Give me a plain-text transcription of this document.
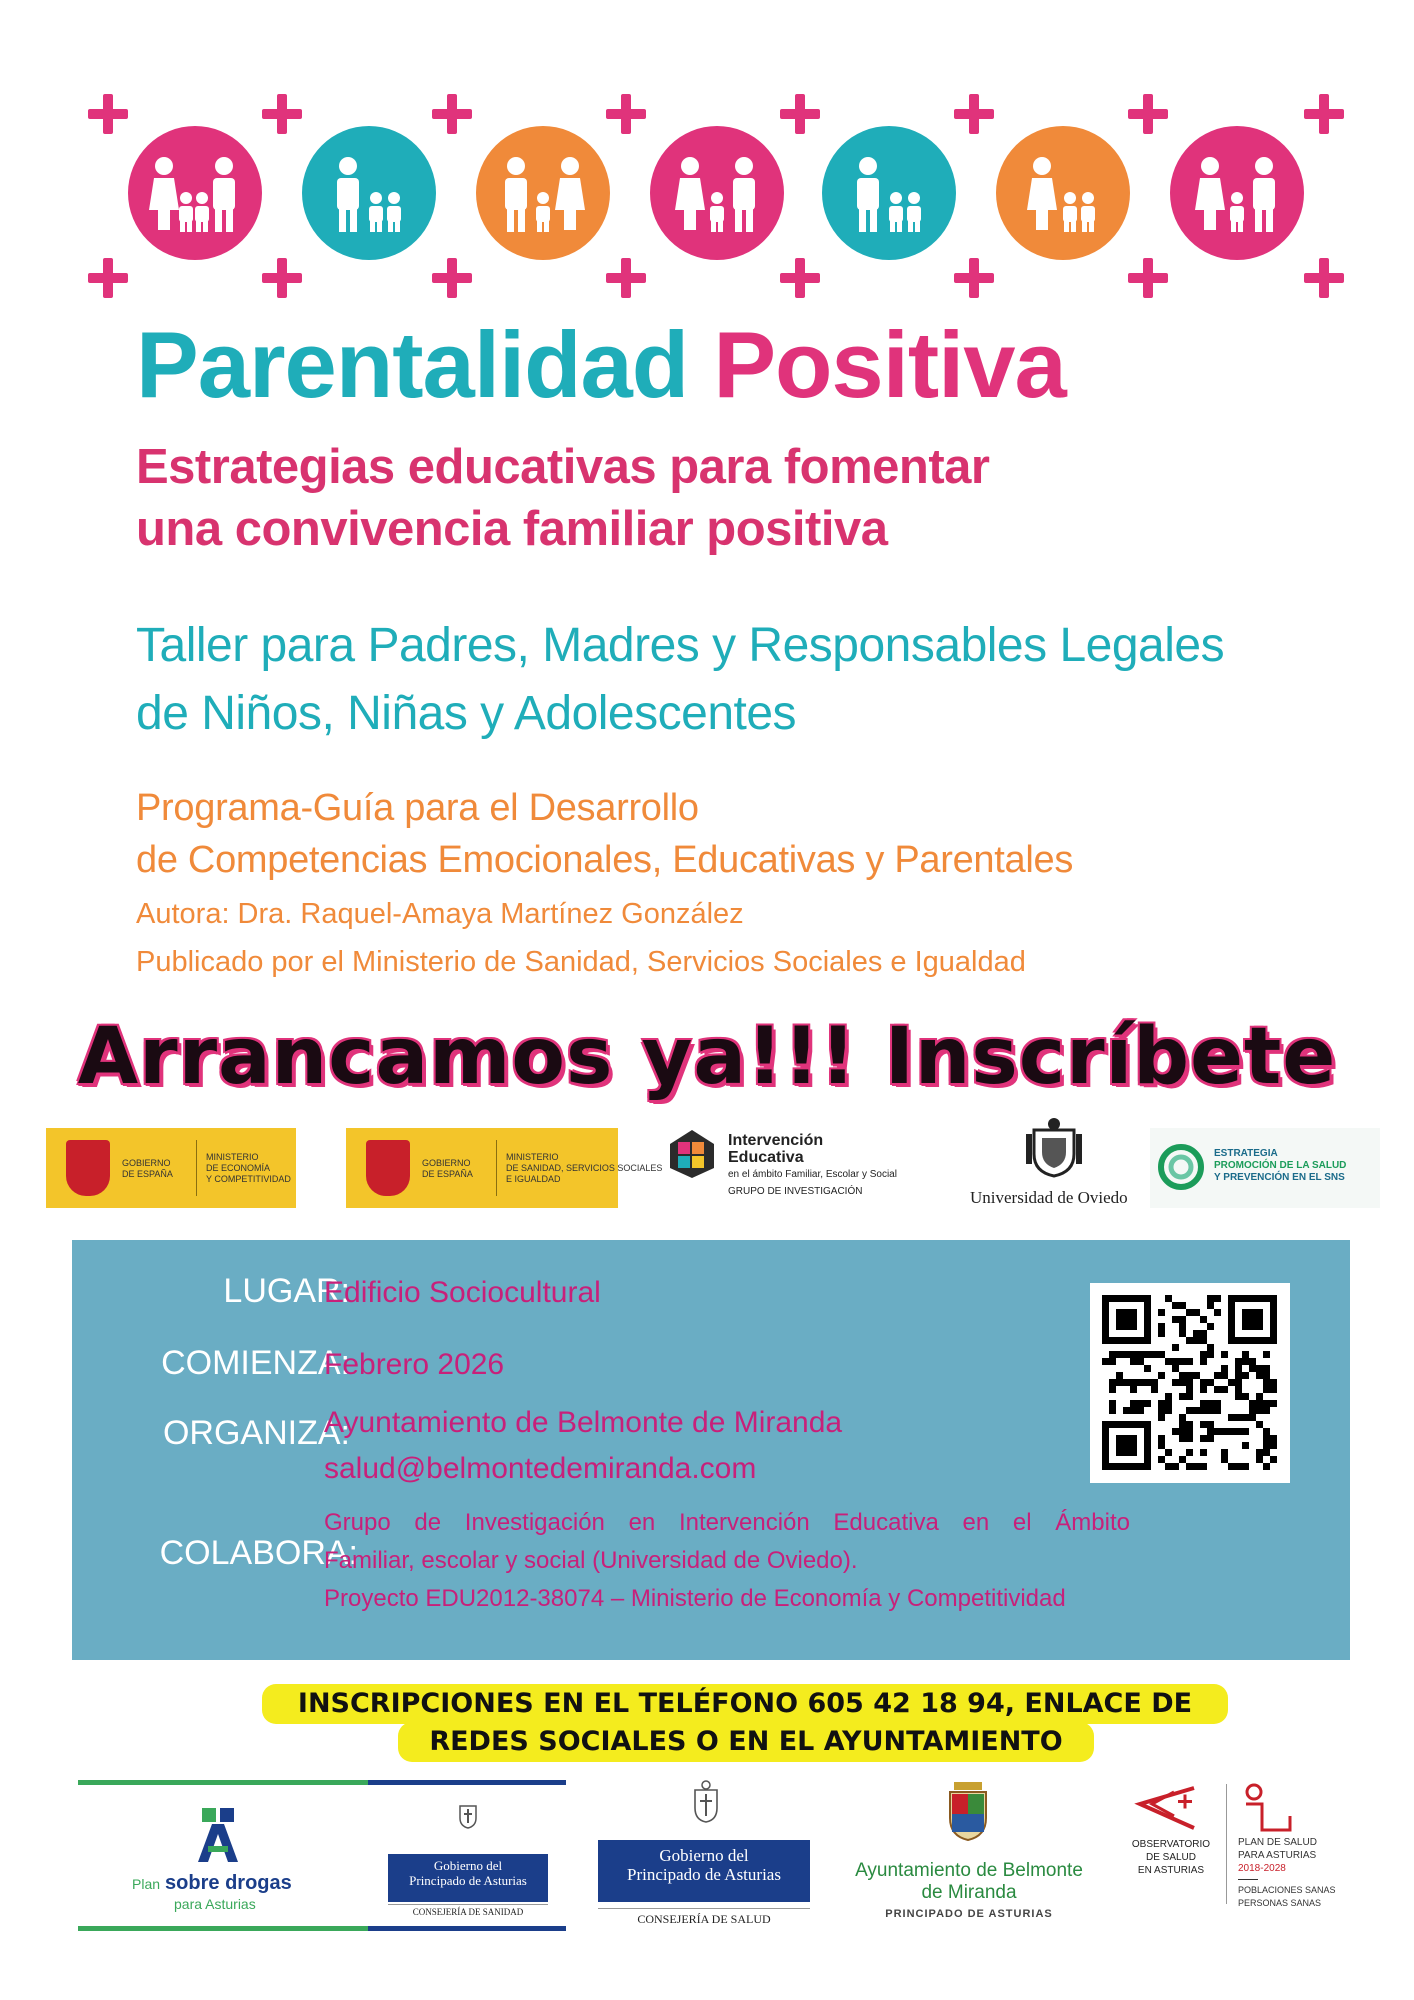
Parentalidad Positiva
Estrategias educativas para fomentar
una convivencia familiar positiva
Taller para Padres, Madres y Responsables Legales
de Niños, Niñas y Adolescentes
Programa-Guía para el Desarrollo
de Competencias Emocionales, Educativas y Parentales
Autora: Dra. Raquel-Amaya Martínez González
Publicado por el Ministerio de Sanidad, Servicios Sociales e Igualdad
Arrancamos ya!!! Inscríbete
GOBIERNO
DE ESPAÑA
MINISTERIO
DE ECONOMÍA
Y COMPETITIVIDAD
GOBIERNO
DE ESPAÑA
MINISTERIO
DE SANIDAD, SERVICIOS SOCIALES
E IGUALDAD
Intervención
Educativa
en el ámbito Familiar, Escolar y Social
GRUPO DE INVESTIGACIÓN	Universidad de Oviedo
ESTRATEGIA
PROMOCIÓN DE LA SALUD
Y PREVENCIÓN EN EL SNS
LUGAR:
Edificio Sociocultural
COMIENZA:
Febrero 2026
ORGANIZA:
Ayuntamiento de Belmonte de Miranda
salud@belmontedemiranda.com
COLABORA:
Grupo de Investigación en Intervención Educativa en el Ámbito
Familiar, escolar y social (Universidad de Oviedo).
Proyecto EDU2012-38074 – Ministerio de Economía y Competitividad
INSCRIPCIONES EN EL TELÉFONO 605 42 18 94, ENLACE DE
REDES SOCIALES O EN EL AYUNTAMIENTO
Plan sobre drogas
para Asturias
Gobierno del
Principado de Asturias
CONSEJERÍA DE SANIDAD
Gobierno del
Principado de Asturias
CONSEJERÍA DE SALUD
Ayuntamiento de Belmonte
de Miranda
PRINCIPADO DE ASTURIAS
OBSERVATORIO
DE SALUD
EN ASTURIAS
PLAN DE SALUD
PARA ASTURIAS
2018-2028
POBLACIONES SANAS
PERSONAS SANAS
